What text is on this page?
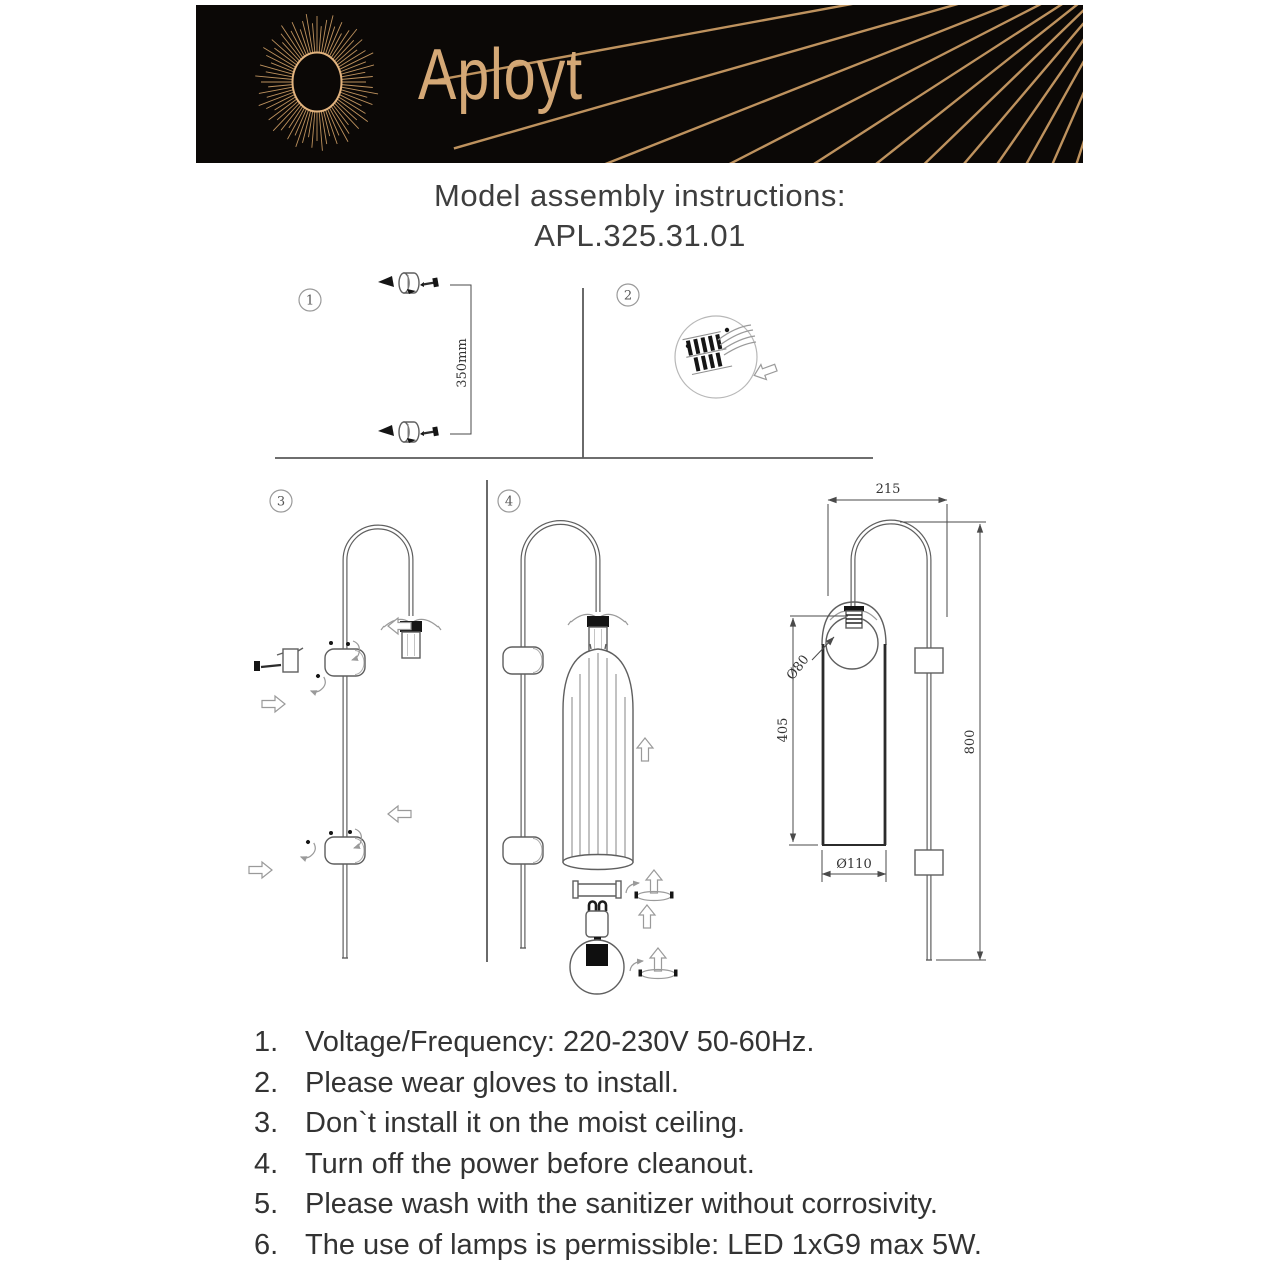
Aployt
Model assembly instructions:
APL.325.31.01
1
350mm
2
3	4
215
800
405
Ø80
Ø110
1. Voltage/Frequency: 220-230V 50-60Hz.
2. Please wear gloves to install.
3. Don`t install it on the moist ceiling.
4. Turn off the power before cleanout.
5. Please wash with the sanitizer without corrosivity.
6. The use of lamps is permissible: LED 1xG9 max 5W.
